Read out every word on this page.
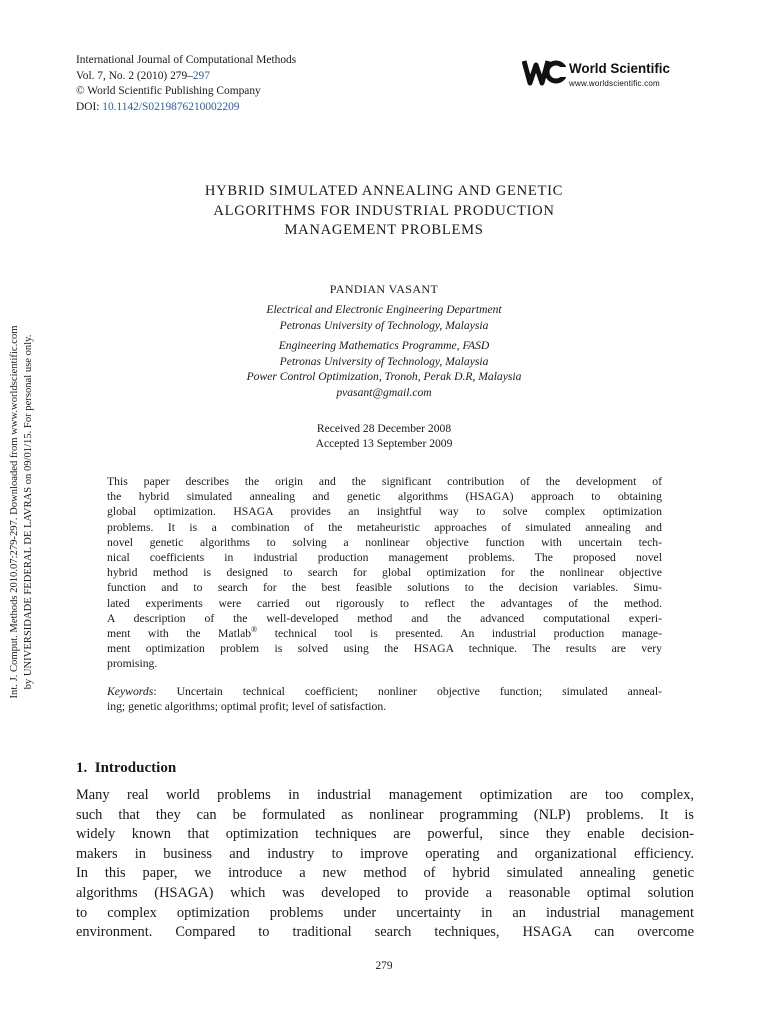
International Journal of Computational Methods
Vol. 7, No. 2 (2010) 279–297
© World Scientific Publishing Company
DOI: 10.1142/S0219876210002209
World Scientific
www.worldscientific.com
Int. J. Comput. Methods 2010.07:279-297. Downloaded from www.worldscientific.com by UNIVERSIDADE FEDERAL DE LAVRAS on 09/01/15. For personal use only.
HYBRID SIMULATED ANNEALING AND GENETIC
ALGORITHMS FOR INDUSTRIAL PRODUCTION
MANAGEMENT PROBLEMS
PANDIAN VASANT
Electrical and Electronic Engineering Department
Petronas University of Technology, Malaysia
Engineering Mathematics Programme, FASD
Petronas University of Technology, Malaysia
Power Control Optimization, Tronoh, Perak D.R, Malaysia
pvasant@gmail.com
Received 28 December 2008
Accepted 13 September 2009
This paper describes the origin and the significant contribution of the development of
the hybrid simulated annealing and genetic algorithms (HSAGA) approach to obtaining
global optimization. HSAGA provides an insightful way to solve complex optimization
problems. It is a combination of the metaheuristic approaches of simulated annealing and
novel genetic algorithms to solving a nonlinear objective function with uncertain tech-
nical coefficients in industrial production management problems. The proposed novel
hybrid method is designed to search for global optimization for the nonlinear objective
function and to search for the best feasible solutions to the decision variables. Simu-
lated experiments were carried out rigorously to reflect the advantages of the method.
A description of the well-developed method and the advanced computational experi-
ment with the Matlab® technical tool is presented. An industrial production manage-
ment optimization problem is solved using the HSAGA technique. The results are very
promising.
Keywords: Uncertain technical coefficient; nonliner objective function; simulated anneal-
ing; genetic algorithms; optimal profit; level of satisfaction.
1. Introduction
Many real world problems in industrial management optimization are too complex,
such that they can be formulated as nonlinear programming (NLP) problems. It is
widely known that optimization techniques are powerful, since they enable decision-
makers in business and industry to improve operating and organizational efficiency.
In this paper, we introduce a new method of hybrid simulated annealing genetic
algorithms (HSAGA) which was developed to provide a reasonable optimal solution
to complex optimization problems under uncertainty in an industrial management
environment. Compared to traditional search techniques, HSAGA can overcome
279
